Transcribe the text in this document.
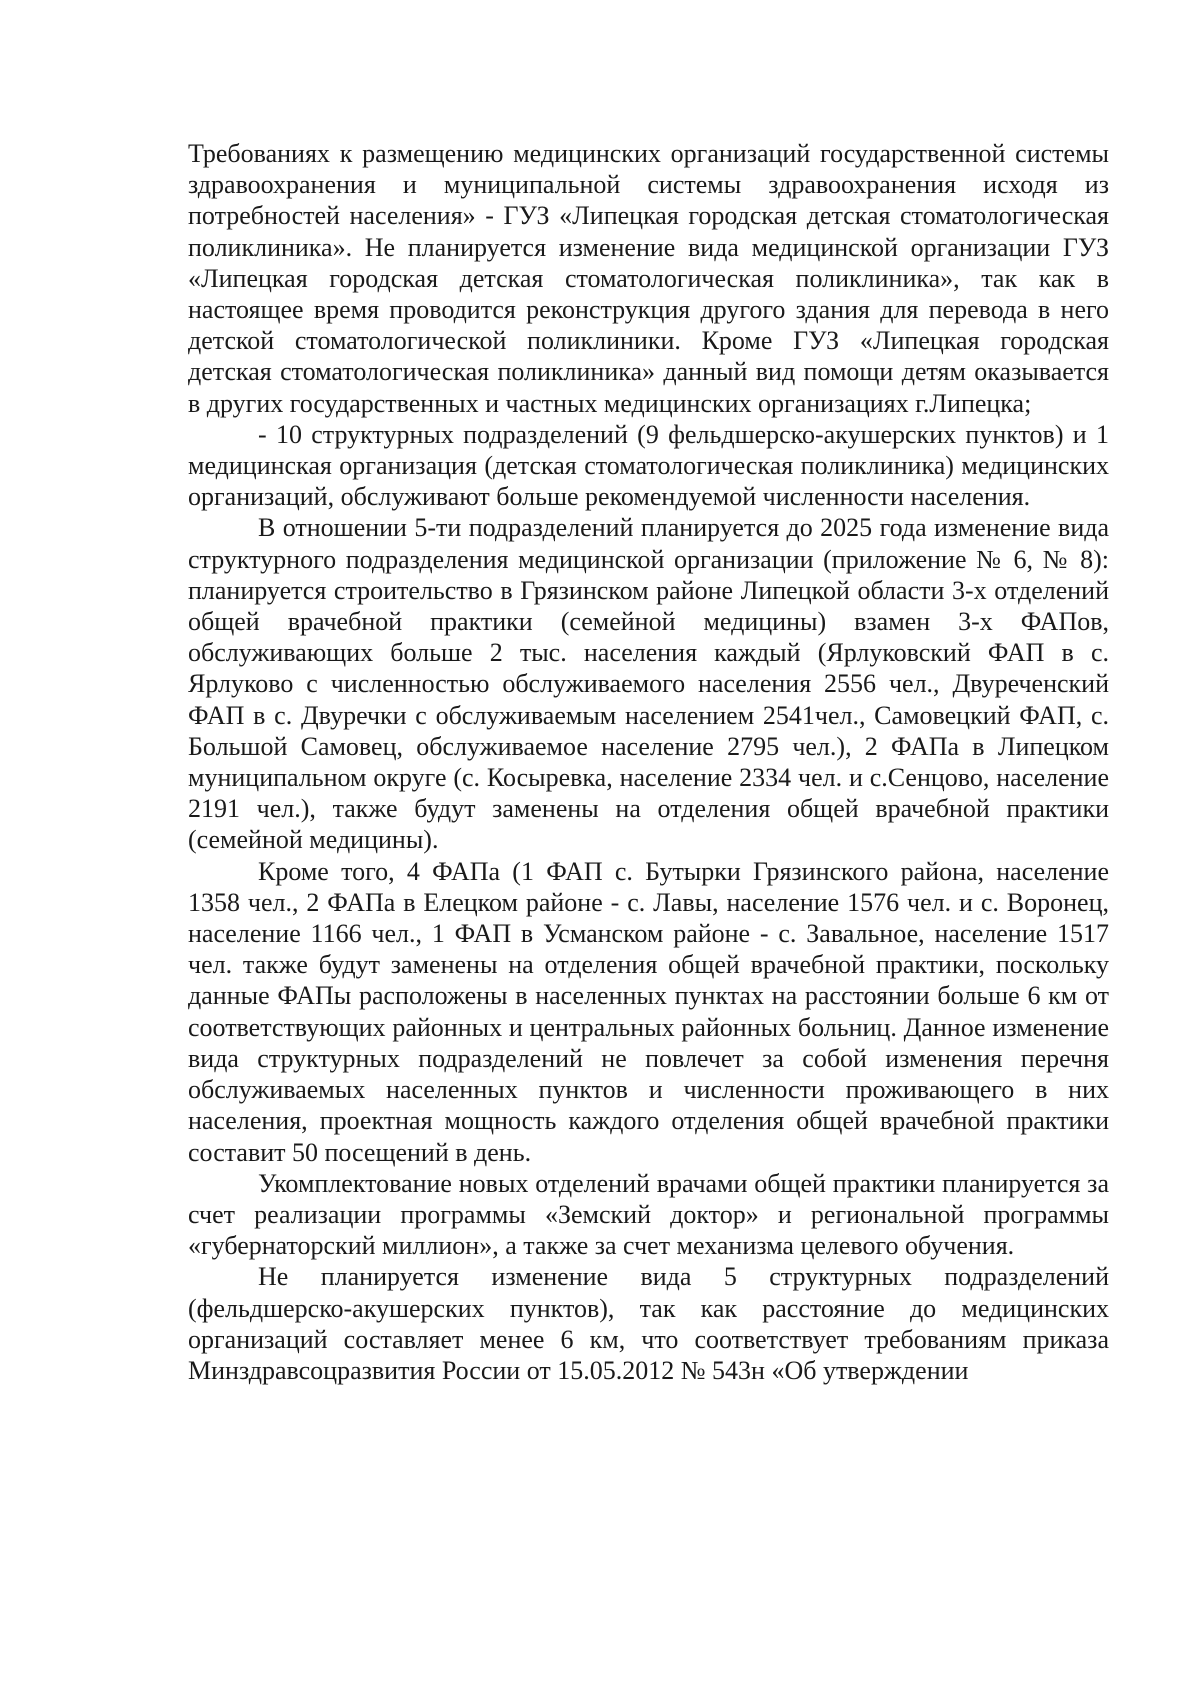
Требованиях к размещению медицинских организаций государственной системы здравоохранения и муниципальной системы здравоохранения исходя из потребностей населения» - ГУЗ «Липецкая городская детская стоматологическая поликлиника». Не планируется изменение вида медицинской организации ГУЗ «Липецкая городская детская стоматологическая поликлиника», так как в настоящее время проводится реконструкция другого здания для перевода в него детской стоматологической поликлиники. Кроме ГУЗ «Липецкая городская детская стоматологическая поликлиника» данный вид помощи детям оказывается в других государственных и частных медицинских организациях г.Липецка;

- 10 структурных подразделений (9 фельдшерско-акушерских пунктов) и 1 медицинская организация (детская стоматологическая поликлиника) медицинских организаций, обслуживают больше рекомендуемой численности населения.

В отношении 5-ти подразделений планируется до 2025 года изменение вида структурного подразделения медицинской организации (приложение № 6, № 8): планируется строительство в Грязинском районе Липецкой области 3-х отделений общей врачебной практики (семейной медицины) взамен 3-х ФАПов, обслуживающих больше 2 тыс. населения каждый (Ярлуковский ФАП в с. Ярлуково с численностью обслуживаемого населения 2556 чел., Двуреченский ФАП в с. Двуречки с обслуживаемым населением 2541чел., Самовецкий ФАП, с. Большой Самовец, обслуживаемое население 2795 чел.), 2 ФАПа в Липецком муниципальном округе (с. Косыревка, население 2334 чел. и с.Сенцово, население 2191 чел.), также будут заменены на отделения общей врачебной практики (семейной медицины).

Кроме того, 4 ФАПа (1 ФАП с. Бутырки Грязинского района, население 1358 чел., 2 ФАПа в Елецком районе - с. Лавы, население 1576 чел. и с. Воронец, население 1166 чел., 1 ФАП в Усманском районе - с. Завальное, население 1517 чел. также будут заменены на отделения общей врачебной практики, поскольку данные ФАПы расположены в населенных пунктах на расстоянии больше 6 км от соответствующих районных и центральных районных больниц. Данное изменение вида структурных подразделений не повлечет за собой изменения перечня обслуживаемых населенных пунктов и численности проживающего в них населения, проектная мощность каждого отделения общей врачебной практики составит 50 посещений в день.

Укомплектование новых отделений врачами общей практики планируется за счет реализации программы «Земский доктор» и региональной программы «губернаторский миллион», а также за счет механизма целевого обучения.

Не планируется изменение вида 5 структурных подразделений (фельдшерско-акушерских пунктов), так как расстояние до медицинских организаций составляет менее 6 км, что соответствует требованиям приказа Минздравсоцразвития России от 15.05.2012 № 543н «Об утверждении
